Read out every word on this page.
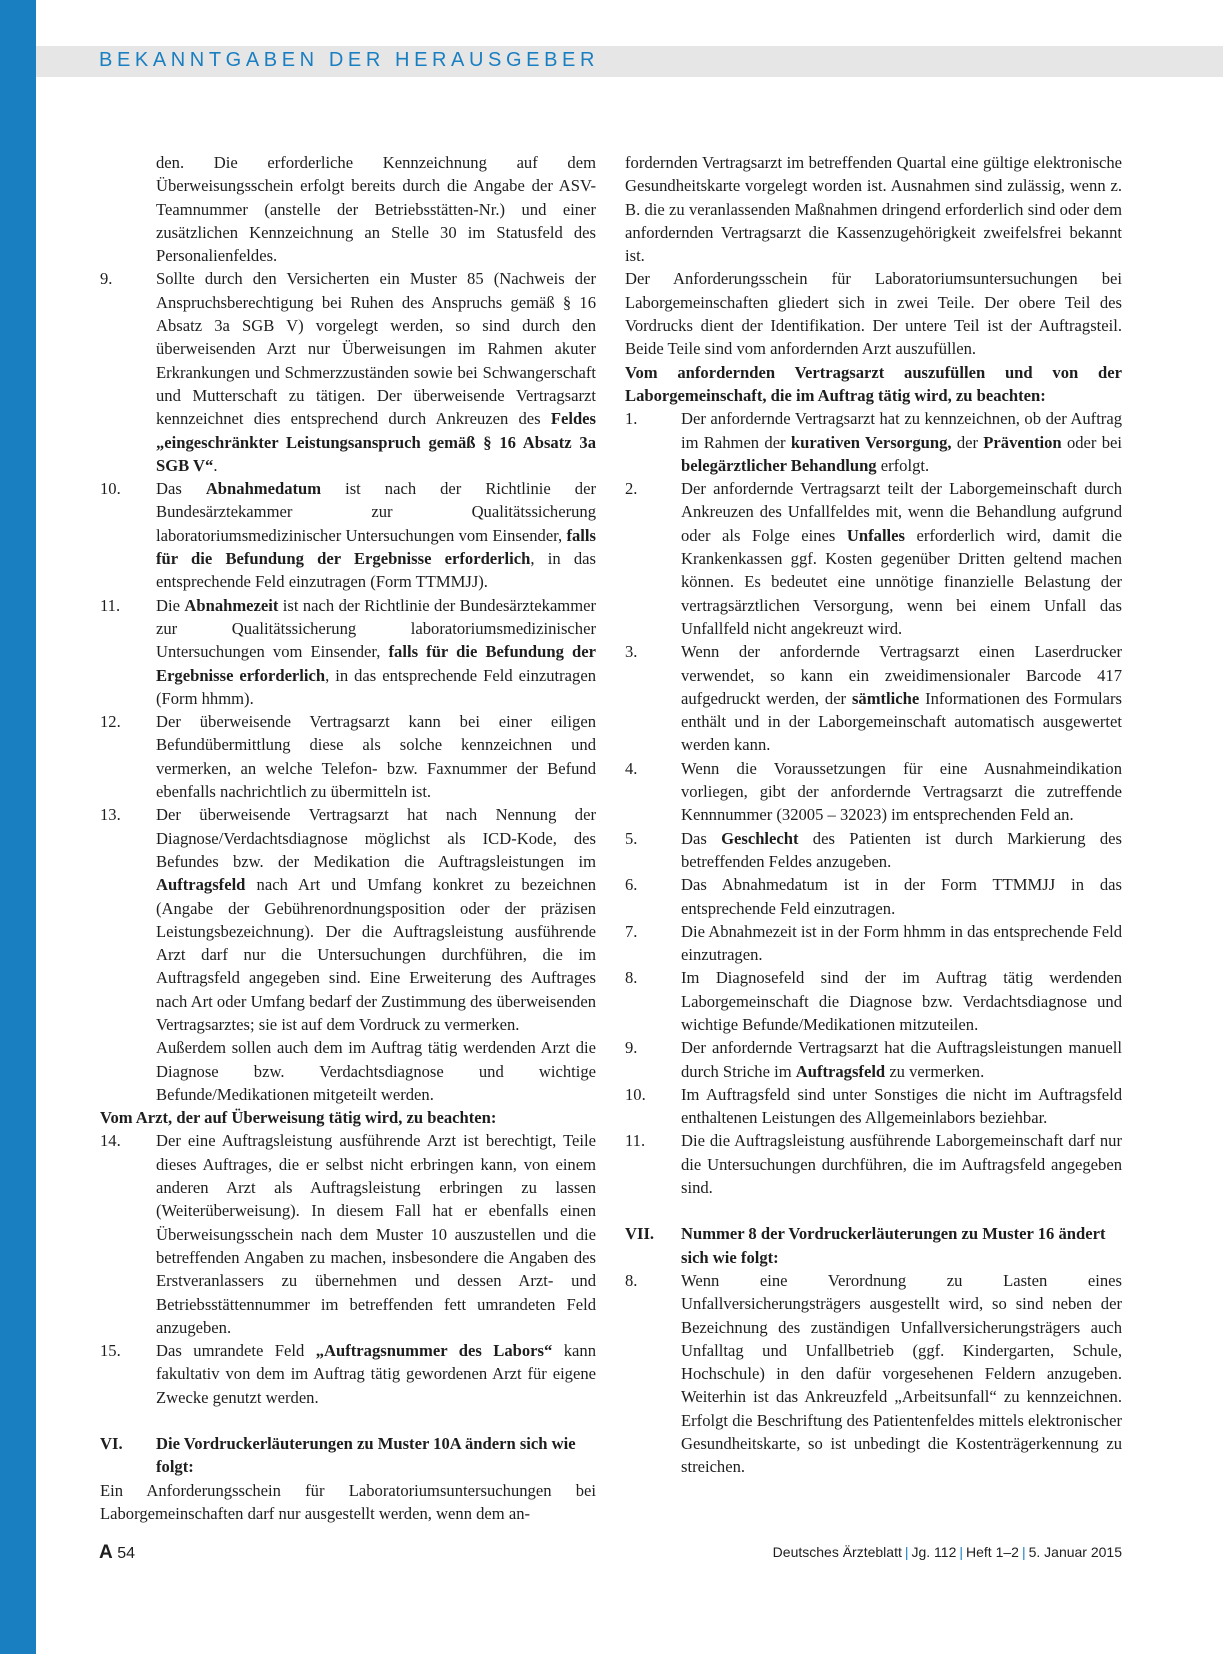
BEKANNTGABEN DER HERAUSGEBER

den. Die erforderliche Kennzeichnung auf dem Überweisungsschein erfolgt bereits durch die Angabe der ASV-Teamnummer (anstelle der Betriebsstätten-Nr.) und einer zusätzlichen Kennzeichnung an Stelle 30 im Statusfeld des Personalienfeldes.

9.	Sollte durch den Versicherten ein Muster 85 (Nachweis der Anspruchsberechtigung bei Ruhen des Anspruchs gemäß § 16 Absatz 3a SGB V) vorgelegt werden, so sind durch den überweisenden Arzt nur Überweisungen im Rahmen akuter Erkrankungen und Schmerzzuständen sowie bei Schwangerschaft und Mutterschaft zu tätigen. Der überweisende Vertragsarzt kennzeichnet dies entsprechend durch Ankreuzen des Feldes „eingeschränkter Leistungsanspruch gemäß § 16 Absatz 3a SGB V“.

10. Das Abnahmedatum ist nach der Richtlinie der Bundesärztekammer zur Qualitätssicherung laboratoriumsmedizinischer Untersuchungen vom Einsender, falls für die Befundung der Ergebnisse erforderlich, in das entsprechende Feld einzutragen (Form TTMMJJ).

11. Die Abnahmezeit ist nach der Richtlinie der Bundesärztekammer zur Qualitätssicherung laboratoriumsmedizinischer Untersuchungen vom Einsender, falls für die Befundung der Ergebnisse erforderlich, in das entsprechende Feld einzutragen (Form hhmm).

12. Der überweisende Vertragsarzt kann bei einer eiligen Befundübermittlung diese als solche kennzeichnen und vermerken, an welche Telefon- bzw. Faxnummer der Befund ebenfalls nachrichtlich zu übermitteln ist.

13. Der überweisende Vertragsarzt hat nach Nennung der Diagnose/Verdachtsdiagnose möglichst als ICD-Kode, des Befundes bzw. der Medikation die Auftragsleistungen im Auftragsfeld nach Art und Umfang konkret zu bezeichnen (Angabe der Gebührenordnungsposition oder der präzisen Leistungsbezeichnung). Der die Auftragsleistung ausführende Arzt darf nur die Untersuchungen durchführen, die im Auftragsfeld angegeben sind. Eine Erweiterung des Auftrages nach Art oder Umfang bedarf der Zustimmung des überweisenden Vertragsarztes; sie ist auf dem Vordruck zu vermerken.

Außerdem sollen auch dem im Auftrag tätig werdenden Arzt die Diagnose bzw. Verdachtsdiagnose und wichtige Befunde/Medikationen mitgeteilt werden.

Vom Arzt, der auf Überweisung tätig wird, zu beachten:

14. Der eine Auftragsleistung ausführende Arzt ist berechtigt, Teile dieses Auftrages, die er selbst nicht erbringen kann, von einem anderen Arzt als Auftragsleistung erbringen zu lassen (Weiterüberweisung). In diesem Fall hat er ebenfalls einen Überweisungsschein nach dem Muster 10 auszustellen und die betreffenden Angaben zu machen, insbesondere die Angaben des Erstveranlassers zu übernehmen und dessen Arzt- und Betriebsstättennummer im betreffenden fett umrandeten Feld anzugeben.

15. Das umrandete Feld „Auftragsnummer des Labors“ kann fakultativ von dem im Auftrag tätig gewordenen Arzt für eigene Zwecke genutzt werden.

VI. Die Vordruckerläuterungen zu Muster 10A ändern sich wie folgt:

Ein Anforderungsschein für Laboratoriumsuntersuchungen bei Laborgemeinschaften darf nur ausgestellt werden, wenn dem an-

fordernden Vertragsarzt im betreffenden Quartal eine gültige elektronische Gesundheitskarte vorgelegt worden ist. Ausnahmen sind zulässig, wenn z. B. die zu veranlassenden Maßnahmen dringend erforderlich sind oder dem anfordernden Vertragsarzt die Kassenzugehörigkeit zweifelsfrei bekannt ist.

Der Anforderungsschein für Laboratoriumsuntersuchungen bei Laborgemeinschaften gliedert sich in zwei Teile. Der obere Teil des Vordrucks dient der Identifikation. Der untere Teil ist der Auftragsteil. Beide Teile sind vom anfordernden Arzt auszufüllen.

Vom anfordernden Vertragsarzt auszufüllen und von der Laborgemeinschaft, die im Auftrag tätig wird, zu beachten:

1.	Der anfordernde Vertragsarzt hat zu kennzeichnen, ob der Auftrag im Rahmen der kurativen Versorgung, der Prävention oder bei belegärztlicher Behandlung erfolgt.

2.	Der anfordernde Vertragsarzt teilt der Laborgemeinschaft durch Ankreuzen des Unfallfeldes mit, wenn die Behandlung aufgrund oder als Folge eines Unfalles erforderlich wird, damit die Krankenkassen ggf. Kosten gegenüber Dritten geltend machen können. Es bedeutet eine unnötige finanzielle Belastung der vertragsärztlichen Versorgung, wenn bei einem Unfall das Unfallfeld nicht angekreuzt wird.

3.	Wenn der anfordernde Vertragsarzt einen Laserdrucker verwendet, so kann ein zweidimensionaler Barcode 417 aufgedruckt werden, der sämtliche Informationen des Formulars enthält und in der Laborgemeinschaft automatisch ausgewertet werden kann.

4.	Wenn die Voraussetzungen für eine Ausnahmeindikation vorliegen, gibt der anfordernde Vertragsarzt die zutreffende Kennnummer (32005 – 32023) im entsprechenden Feld an.

5.	Das Geschlecht des Patienten ist durch Markierung des betreffenden Feldes anzugeben.

6.	Das Abnahmedatum ist in der Form TTMMJJ in das entsprechende Feld einzutragen.

7.	Die Abnahmezeit ist in der Form hhmm in das entsprechende Feld einzutragen.

8.	Im Diagnosefeld sind der im Auftrag tätig werdenden Laborgemeinschaft die Diagnose bzw. Verdachtsdiagnose und wichtige Befunde/Medikationen mitzuteilen.

9.	Der anfordernde Vertragsarzt hat die Auftragsleistungen manuell durch Striche im Auftragsfeld zu vermerken.

10. Im Auftragsfeld sind unter Sonstiges die nicht im Auftragsfeld enthaltenen Leistungen des Allgemeinlabors beziehbar.

11. Die die Auftragsleistung ausführende Laborgemeinschaft darf nur die Untersuchungen durchführen, die im Auftragsfeld angegeben sind.

VII. Nummer 8 der Vordruckerläuterungen zu Muster 16 ändert sich wie folgt:

8.	Wenn eine Verordnung zu Lasten eines Unfallversicherungsträgers ausgestellt wird, so sind neben der Bezeichnung des zuständigen Unfallversicherungsträgers auch Unfalltag und Unfallbetrieb (ggf. Kindergarten, Schule, Hochschule) in den dafür vorgesehenen Feldern anzugeben. Weiterhin ist das Ankreuzfeld „Arbeitsunfall“ zu kennzeichnen. Erfolgt die Beschriftung des Patientenfeldes mittels elektronischer Gesundheitskarte, so ist unbedingt die Kostenträgerkennung zu streichen.

A 54	Deutsches Ärzteblatt | Jg. 112 | Heft 1–2 | 5. Januar 2015
